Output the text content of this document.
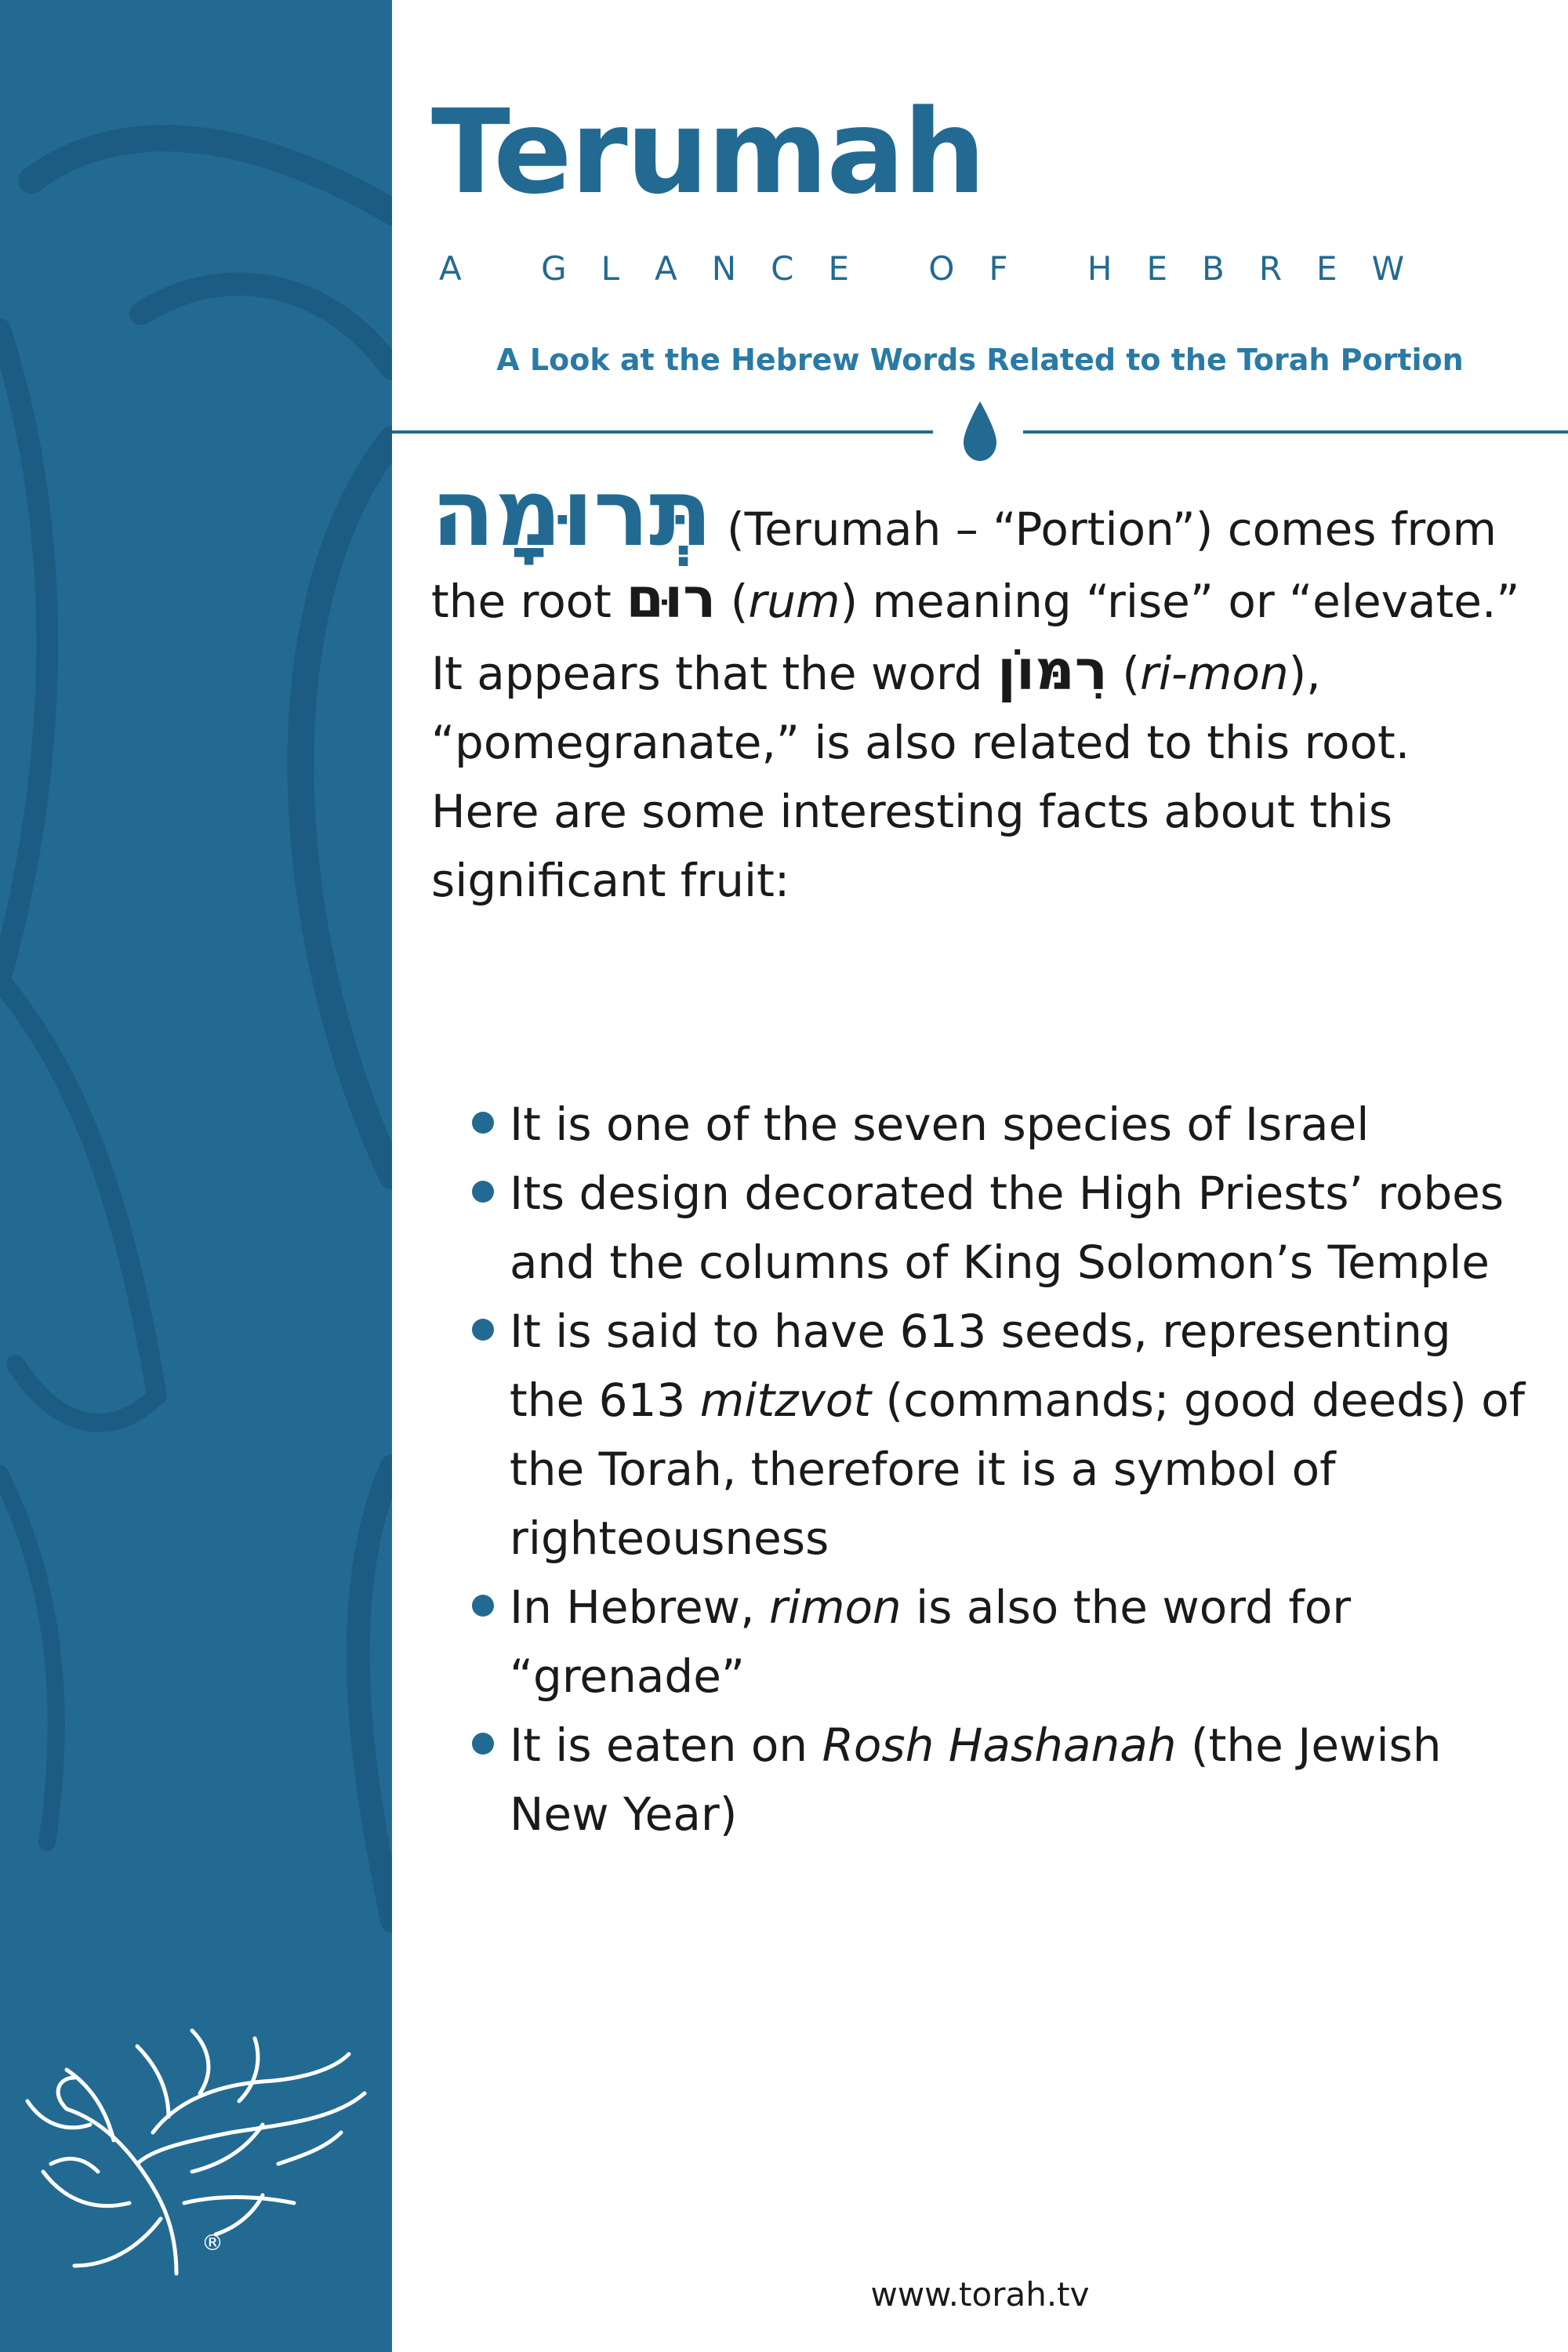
®
Terumah
A GLANCE OF HEBREW
A Look at the Hebrew Words Related to the Torah Portion
תְּרוּמָה (Terumah – “Portion”) comes from the root רוּם (rum) meaning “rise” or “elevate.” It appears that the word רִמּוֹן (ri-mon), “pomegranate,” is also related to this root. Here are some interesting facts about this significant fruit:
It is one of the seven species of Israel
Its design decorated the High Priests’ robes and the columns of King Solomon’s Temple
It is said to have 613 seeds, representing the 613 mitzvot (commands; good deeds) of the Torah, therefore it is a symbol of righteousness
In Hebrew, rimon is also the word for “grenade”
It is eaten on Rosh Hashanah (the Jewish New Year)
www.torah.tv
